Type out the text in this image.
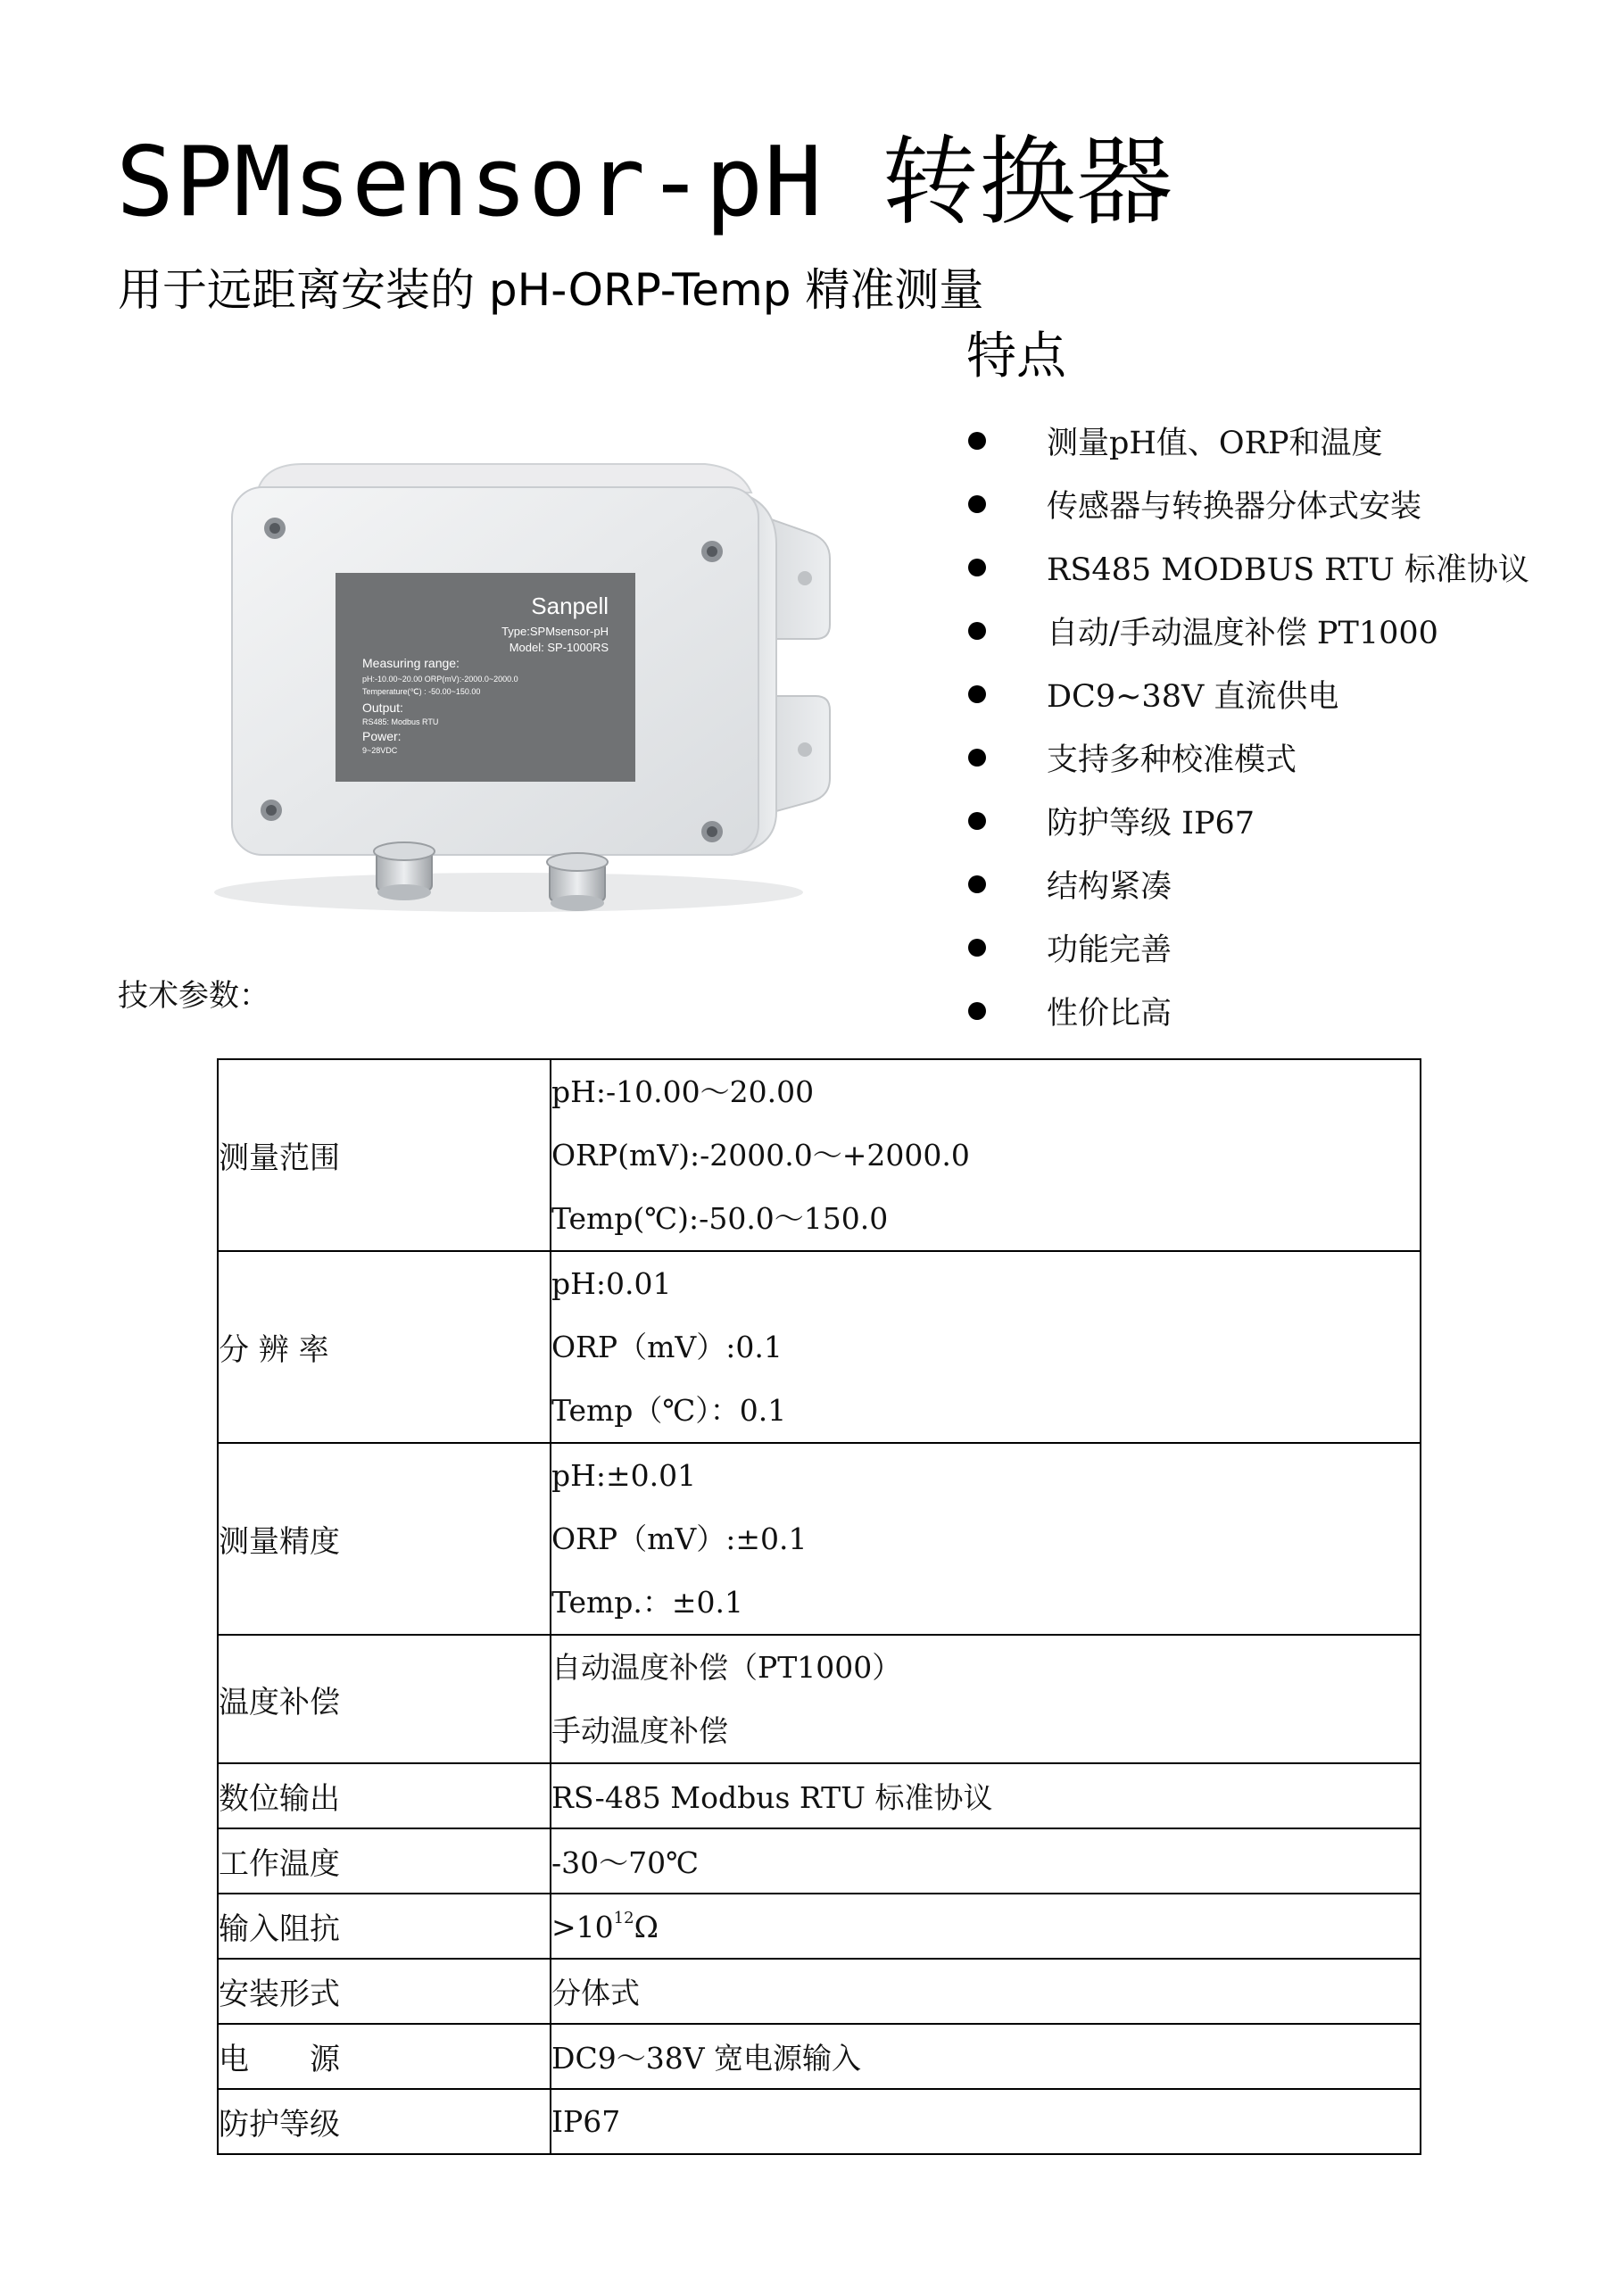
SPMsensor-pH 转换器
用于远距离安装的 pH-ORP-Temp 精准测量
特点
测量pH值、ORP和温度
传感器与转换器分体式安装
RS485 MODBUS RTU 标准协议
自动/手动温度补偿 PT1000
DC9~38V 直流供电
支持多种校准模式
防护等级 IP67
结构紧凑
功能完善
性价比高
Sanpell
Type:SPMsensor-pH
Model: SP-1000RS
Measuring range:
pH:-10.00~20.00 ORP(mV):-2000.0~2000.0
Temperature(℃) : -50.00~150.00
Output:
RS485: Modbus RTU
Power:
9~28VDC
技术参数：
测量范围	pH:-10.00～20.00
ORP(mV):-2000.0～+2000.0
Temp(℃):-50.0～150.0

分 辨 率	pH:0.01
ORP（mV）:0.1
Temp（℃）：0.1

测量精度	pH:±0.01
ORP（mV）:±0.1
Temp.：±0.1

温度补偿	自动温度补偿（PT1000）
手动温度补偿

数位输出	RS-485 Modbus RTU 标准协议
工作温度	-30～70℃
输入阻抗	$>10^{12}\Omega$
安装形式	分体式
电　　源	DC9～38V 宽电源输入
防护等级	IP67
